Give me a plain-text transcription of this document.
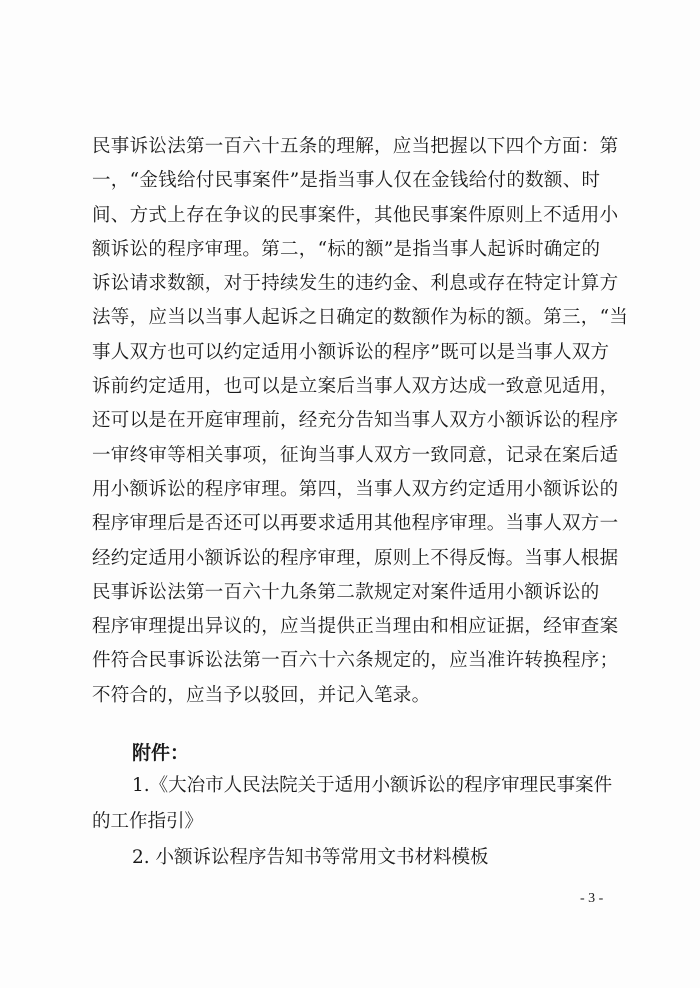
民事诉讼法第一百六十五条的理解，应当把握以下四个方面：第
一，“金钱给付民事案件”是指当事人仅在金钱给付的数额、时
间、方式上存在争议的民事案件，其他民事案件原则上不适用小
额诉讼的程序审理。第二，“标的额”是指当事人起诉时确定的
诉讼请求数额，对于持续发生的违约金、利息或存在特定计算方
法等，应当以当事人起诉之日确定的数额作为标的额。第三，“当
事人双方也可以约定适用小额诉讼的程序”既可以是当事人双方
诉前约定适用，也可以是立案后当事人双方达成一致意见适用，
还可以是在开庭审理前，经充分告知当事人双方小额诉讼的程序
一审终审等相关事项，征询当事人双方一致同意，记录在案后适
用小额诉讼的程序审理。第四，当事人双方约定适用小额诉讼的
程序审理后是否还可以再要求适用其他程序审理。当事人双方一
经约定适用小额诉讼的程序审理，原则上不得反悔。当事人根据
民事诉讼法第一百六十九条第二款规定对案件适用小额诉讼的
程序审理提出异议的，应当提供正当理由和相应证据，经审查案
件符合民事诉讼法第一百六十六条规定的，应当准许转换程序；
不符合的，应当予以驳回，并记入笔录。
附件：
1.《大冶市人民法院关于适用小额诉讼的程序审理民事案件
的工作指引》
2. 小额诉讼程序告知书等常用文书材料模板
- 3 -
